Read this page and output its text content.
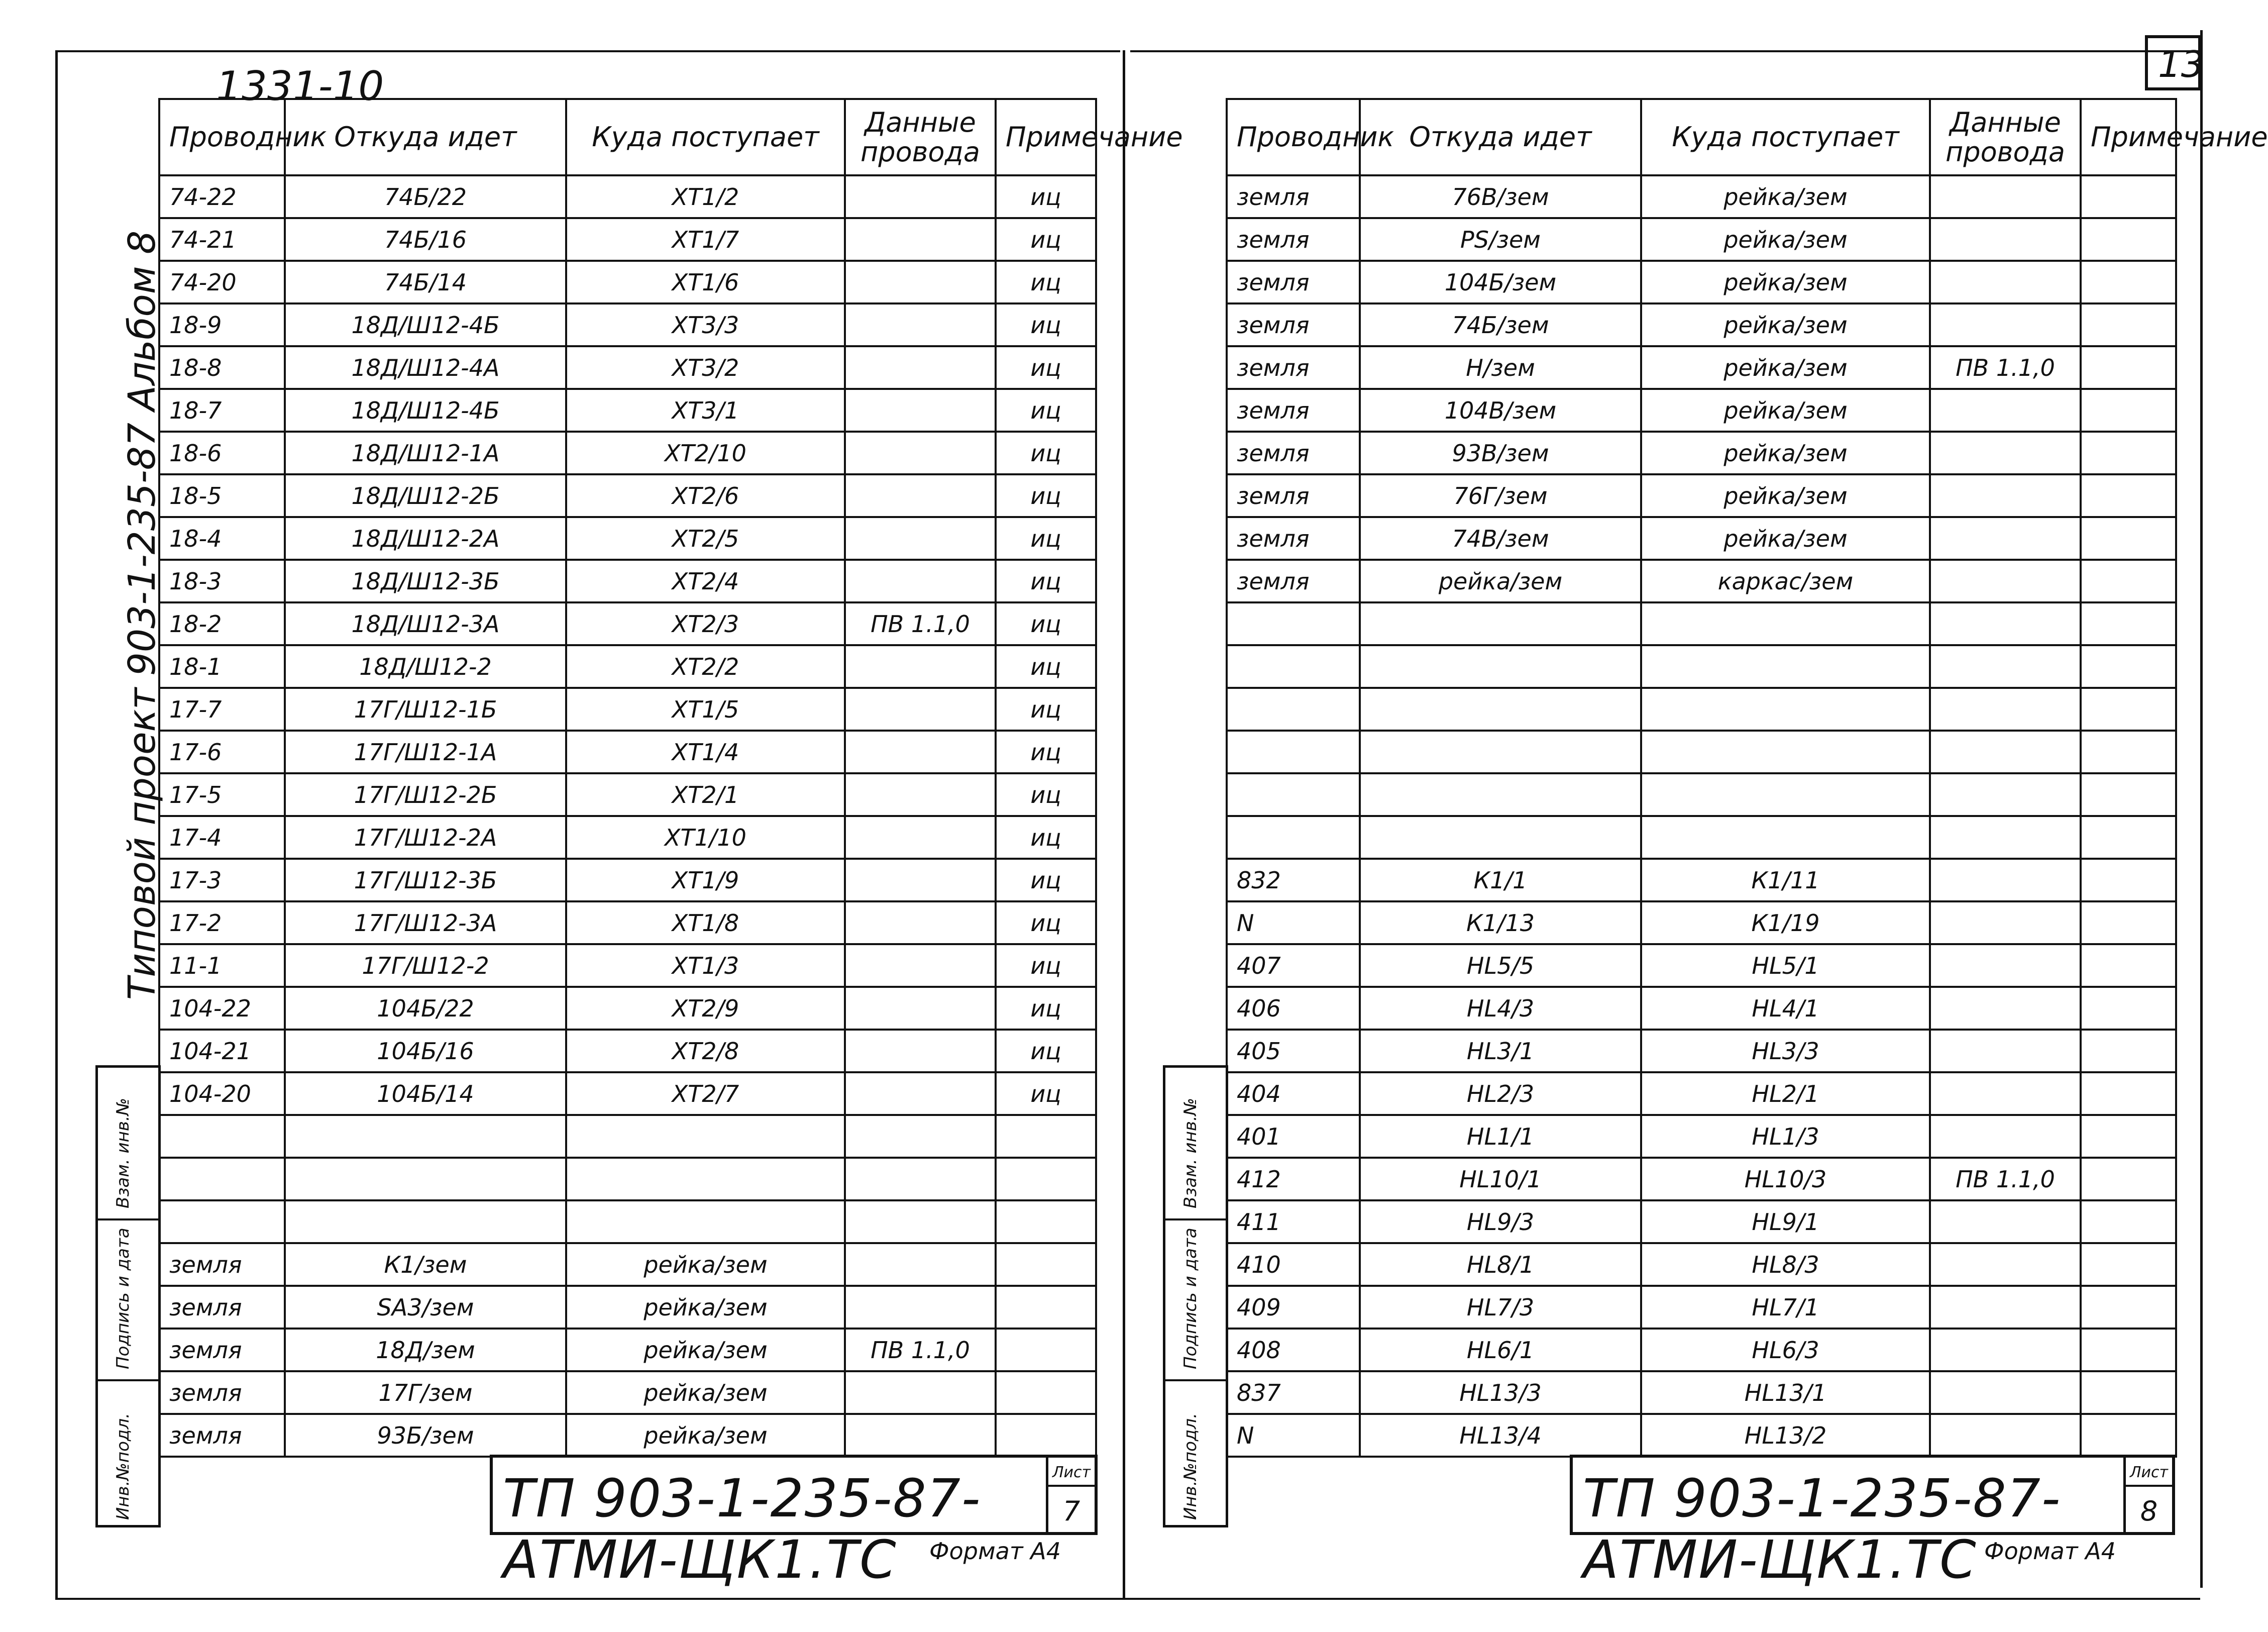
1331-10	13
Типовой проект 903-1-235-87 Альбом 8
Инв.№подл.
Подпись и дата
Взам. инв.№
Инв.№подл.
Подпись и дата
Взам. инв.№
Проводник	Откуда идет	Куда поступает	Данные провода	Примечание
74-22	74Б/22	XT1/2		иц
74-21	74Б/16	XT1/7		иц
74-20	74Б/14	XT1/6		иц
18-9	18Д/Ш12-4Б	XT3/3		иц
18-8	18Д/Ш12-4А	XT3/2		иц
18-7	18Д/Ш12-4Б	XT3/1		иц
18-6	18Д/Ш12-1А	XT2/10		иц
18-5	18Д/Ш12-2Б	XT2/6		иц
18-4	18Д/Ш12-2А	XT2/5		иц
18-3	18Д/Ш12-3Б	XT2/4		иц
18-2	18Д/Ш12-3А	XT2/3	ПВ 1.1,0	иц
18-1	18Д/Ш12-2	XT2/2		иц
17-7	17Г/Ш12-1Б	XT1/5		иц
17-6	17Г/Ш12-1А	XT1/4		иц
17-5	17Г/Ш12-2Б	XT2/1		иц
17-4	17Г/Ш12-2А	XT1/10		иц
17-3	17Г/Ш12-3Б	XT1/9		иц
17-2	17Г/Ш12-3А	XT1/8		иц
11-1	17Г/Ш12-2	XT1/3		иц
104-22	104Б/22	XT2/9		иц
104-21	104Б/16	XT2/8		иц
104-20	104Б/14	XT2/7		иц

земля	К1/зем	рейка/зем		
земля	SA3/зем	рейка/зем		
земля	18Д/зем	рейка/зем	ПВ 1.1,0	
земля	17Г/зем	рейка/зем		
земля	93Б/зем	рейка/зем		
Проводник	Откуда идет	Куда поступает	Данные провода	Примечание
земля	76В/зем	рейка/зем		
земля	PS/зем	рейка/зем		
земля	104Б/зем	рейка/зем		
земля	74Б/зем	рейка/зем		
земля	Н/зем	рейка/зем	ПВ 1.1,0	
земля	104В/зем	рейка/зем		
земля	93В/зем	рейка/зем		
земля	76Г/зем	рейка/зем		
земля	74В/зем	рейка/зем		
земля	рейка/зем	каркас/зем		

832	К1/1	К1/11		
N	К1/13	К1/19		
407	HL5/5	HL5/1		
406	HL4/3	HL4/1		
405	HL3/1	HL3/3		
404	HL2/3	HL2/1		
401	HL1/1	HL1/3		
412	HL10/1	HL10/3	ПВ 1.1,0	
411	HL9/3	HL9/1		
410	HL8/1	HL8/3		
409	HL7/3	HL7/1		
408	HL6/1	HL6/3		
837	HL13/3	HL13/1		
N	HL13/4	HL13/2		
ТП 903-1-235-87-АТМИ-ЩК1.ТС
Лист
7
Формат А4
ТП 903-1-235-87-АТМИ-ЩК1.ТС
Лист
8
Формат А4
